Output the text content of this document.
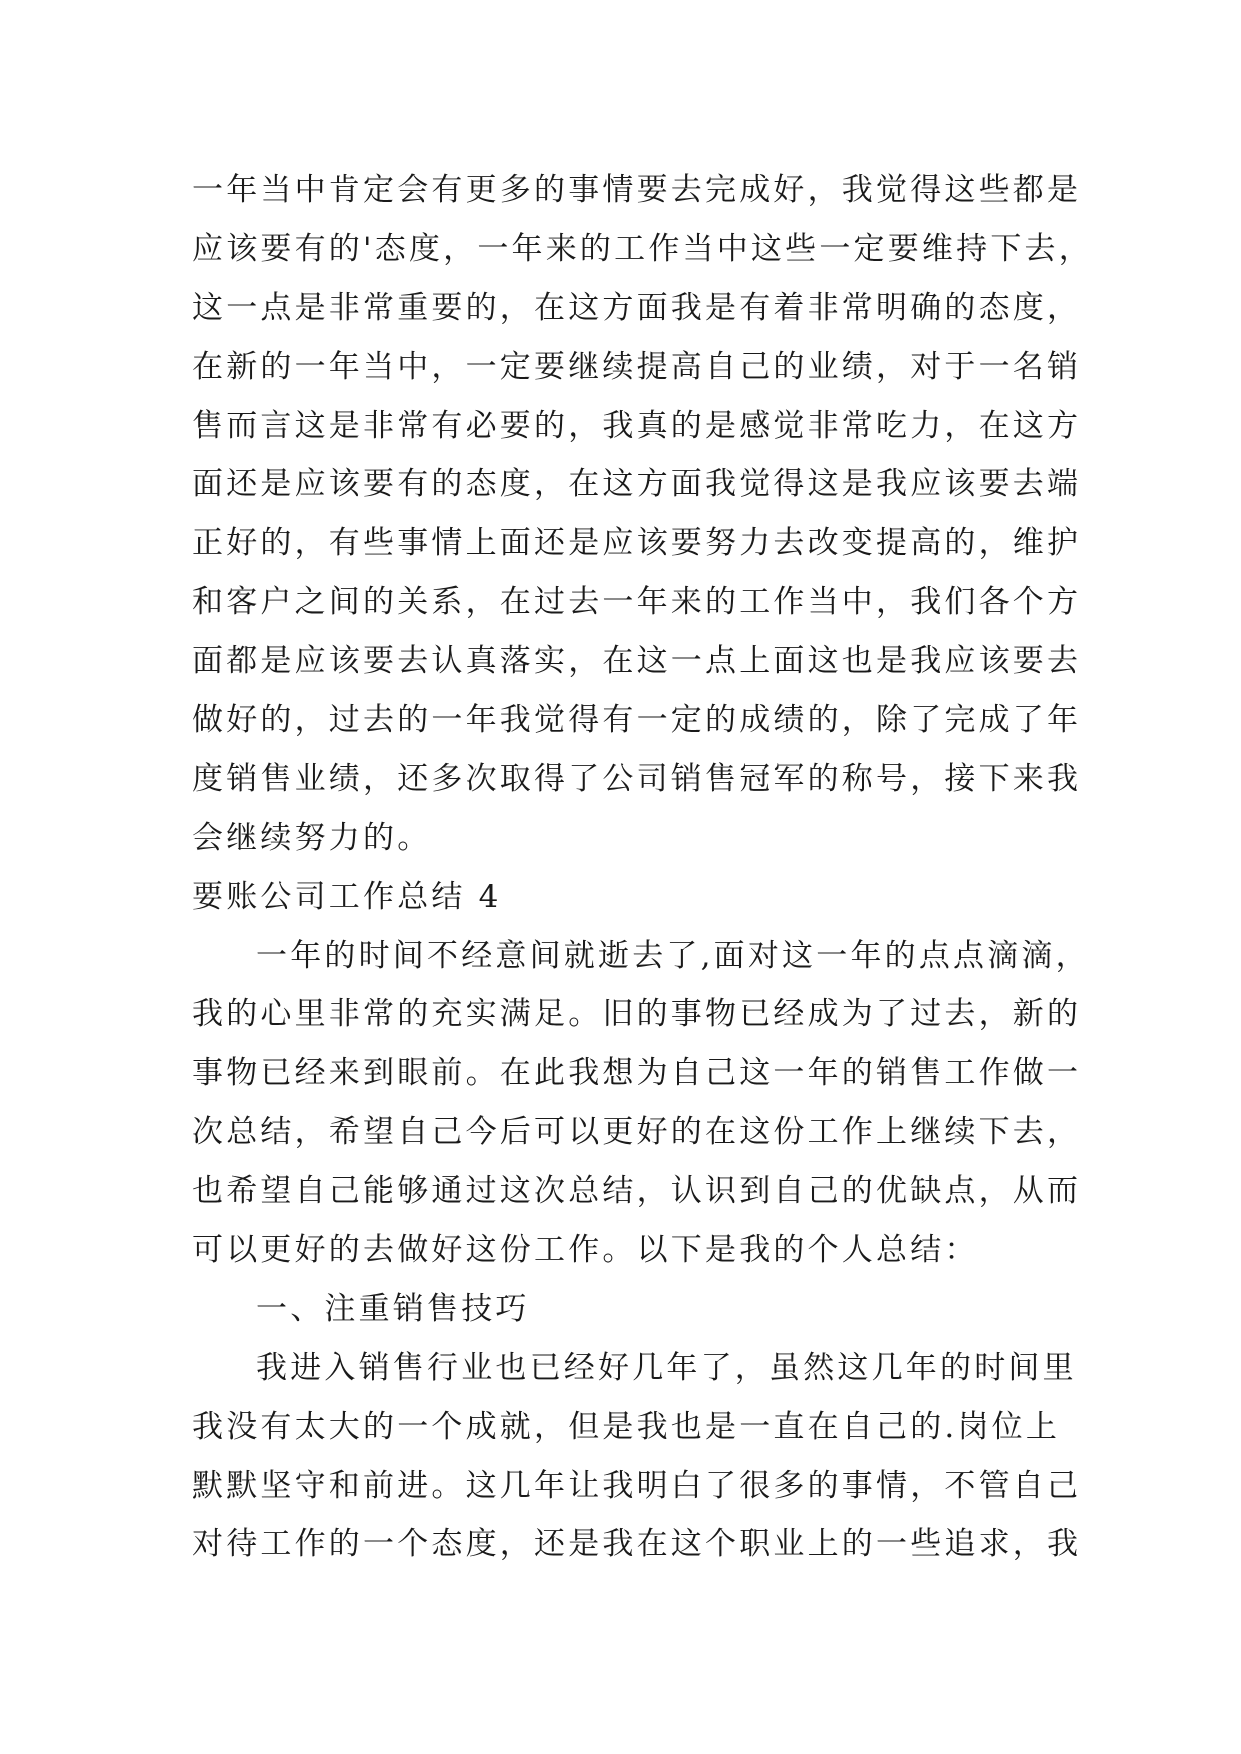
一年当中肯定会有更多的事情要去完成好，我觉得这些都是
应该要有的'态度，一年来的工作当中这些一定要维持下去，
这一点是非常重要的，在这方面我是有着非常明确的态度，
在新的一年当中，一定要继续提高自己的业绩，对于一名销
售而言这是非常有必要的，我真的是感觉非常吃力，在这方
面还是应该要有的态度，在这方面我觉得这是我应该要去端
正好的，有些事情上面还是应该要努力去改变提高的，维护
和客户之间的关系，在过去一年来的工作当中，我们各个方
面都是应该要去认真落实，在这一点上面这也是我应该要去
做好的，过去的一年我觉得有一定的成绩的，除了完成了年
度销售业绩，还多次取得了公司销售冠军的称号，接下来我
会继续努力的。
要账公司工作总结 4
一年的时间不经意间就逝去了,面对这一年的点点滴滴，
我的心里非常的充实满足。旧的事物已经成为了过去，新的
事物已经来到眼前。在此我想为自己这一年的销售工作做一
次总结，希望自己今后可以更好的在这份工作上继续下去，
也希望自己能够通过这次总结，认识到自己的优缺点，从而
可以更好的去做好这份工作。以下是我的个人总结：
一、注重销售技巧
我进入销售行业也已经好几年了，虽然这几年的时间里
我没有太大的一个成就，但是我也是一直在自己的.岗位上
默默坚守和前进。这几年让我明白了很多的事情，不管自己
对待工作的一个态度，还是我在这个职业上的一些追求，我
